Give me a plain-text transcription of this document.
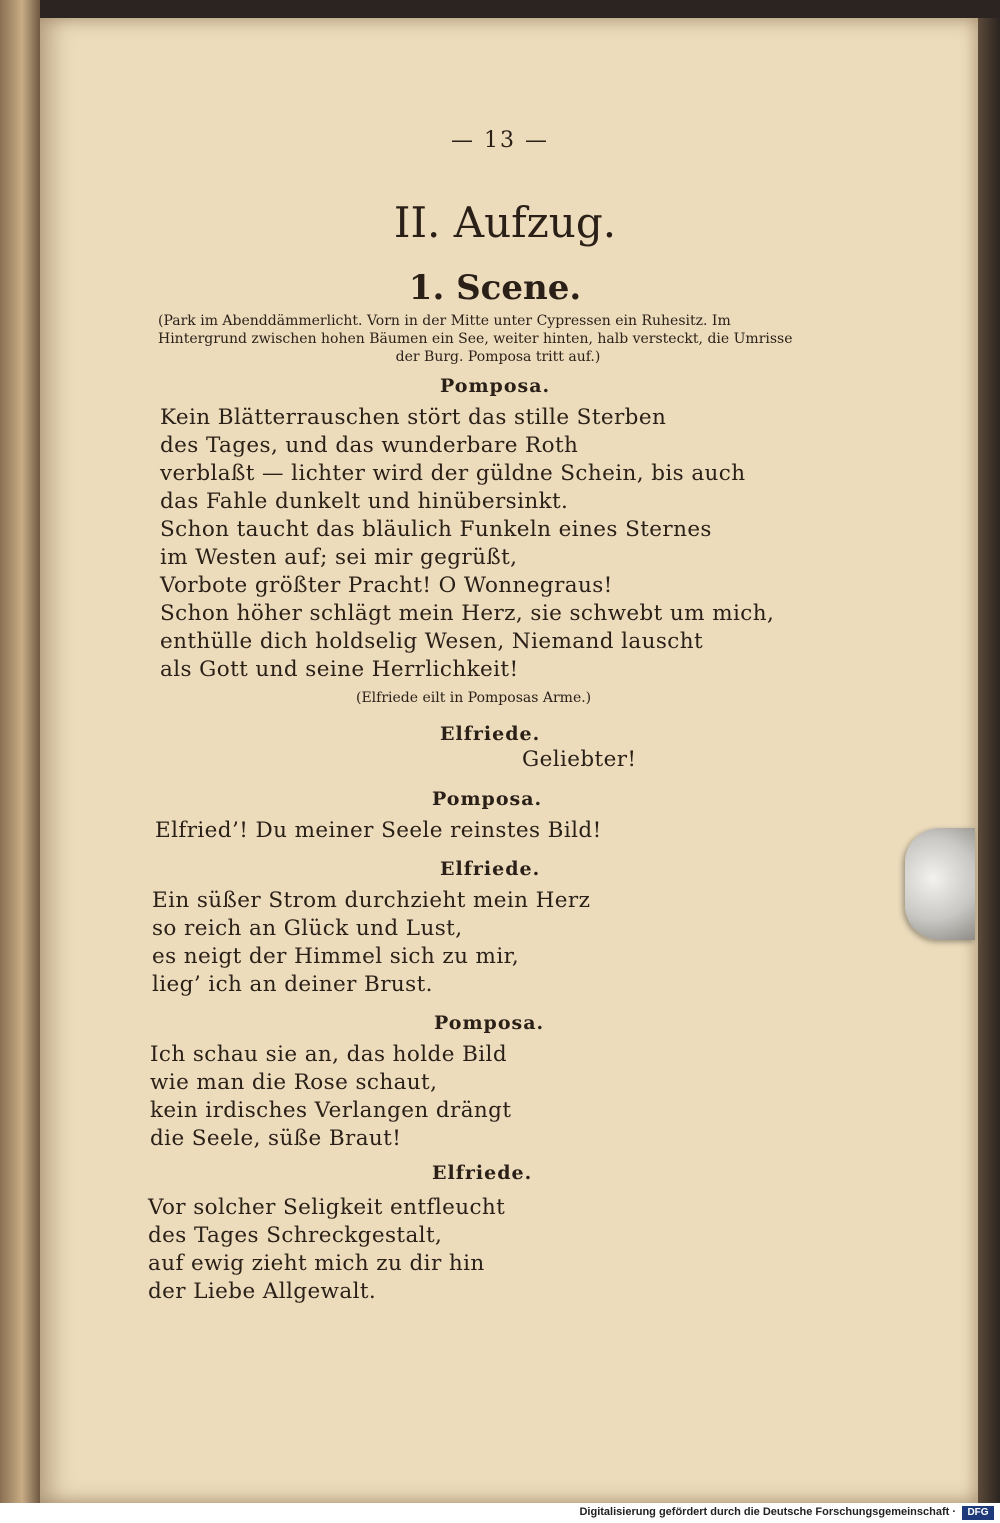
— 13 —
II. Aufzug.
1. Scene.
(Park im Abenddämmerlicht. Vorn in der Mitte unter Cypressen ein Ruhesitz. Im
Hintergrund zwischen hohen Bäumen ein See, weiter hinten, halb versteckt, die Umrisse
der Burg. Pomposa tritt auf.)
Pomposa.
Kein Blätterrauschen stört das stille Sterben
des Tages, und das wunderbare Roth
verblaßt — lichter wird der güldne Schein, bis auch
das Fahle dunkelt und hinübersinkt.
Schon taucht das bläulich Funkeln eines Sternes
im Westen auf; sei mir gegrüßt,
Vorbote größter Pracht! O Wonnegraus!
Schon höher schlägt mein Herz, sie schwebt um mich,
enthülle dich holdselig Wesen, Niemand lauscht
als Gott und seine Herrlichkeit!
(Elfriede eilt in Pomposas Arme.)
Elfriede.
Geliebter!
Pomposa.
Elfried’! Du meiner Seele reinstes Bild!
Elfriede.
Ein süßer Strom durchzieht mein Herz
so reich an Glück und Lust,
es neigt der Himmel sich zu mir,
lieg’ ich an deiner Brust.
Pomposa.
Ich schau sie an, das holde Bild
wie man die Rose schaut,
kein irdisches Verlangen drängt
die Seele, süße Braut!
Elfriede.
Vor solcher Seligkeit entfleucht
des Tages Schreckgestalt,
auf ewig zieht mich zu dir hin
der Liebe Allgewalt.
Digitalisierung gefördert durch die Deutsche Forschungsgemeinschaft ·	DFG
